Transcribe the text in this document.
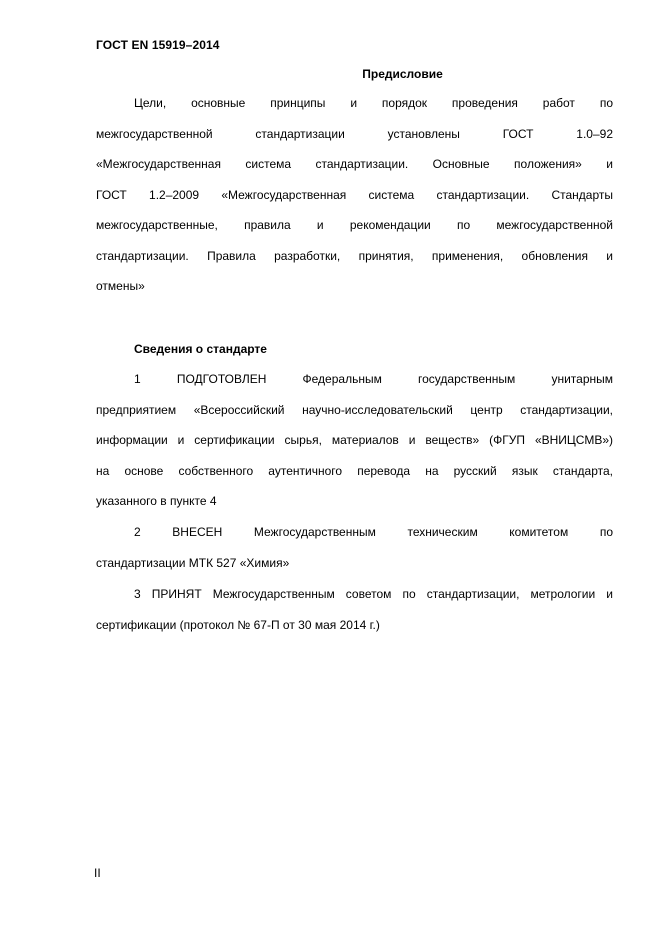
ГОСТ EN 15919–2014
Предисловие
Цели, основные принципы и порядок проведения работ по
межгосударственной стандартизации установлены ГОСТ 1.0–92
«Межгосударственная система стандартизации. Основные положения» и
ГОСТ 1.2–2009 «Межгосударственная система стандартизации. Стандарты
межгосударственные, правила и рекомендации по межгосударственной
стандартизации. Правила разработки, принятия, применения, обновления и
отмены»
Сведения о стандарте
1 ПОДГОТОВЛЕН Федеральным государственным унитарным
предприятием «Всероссийский научно-исследовательский центр стандартизации,
информации и сертификации сырья, материалов и веществ» (ФГУП «ВНИЦСМВ»)
на основе собственного аутентичного перевода на русский язык стандарта,
указанного в пункте 4
2 ВНЕСЕН Межгосударственным техническим комитетом по
стандартизации МТК 527 «Химия»
3 ПРИНЯТ Межгосударственным советом по стандартизации, метрологии и
сертификации (протокол № 67-П от 30 мая 2014 г.)
II
